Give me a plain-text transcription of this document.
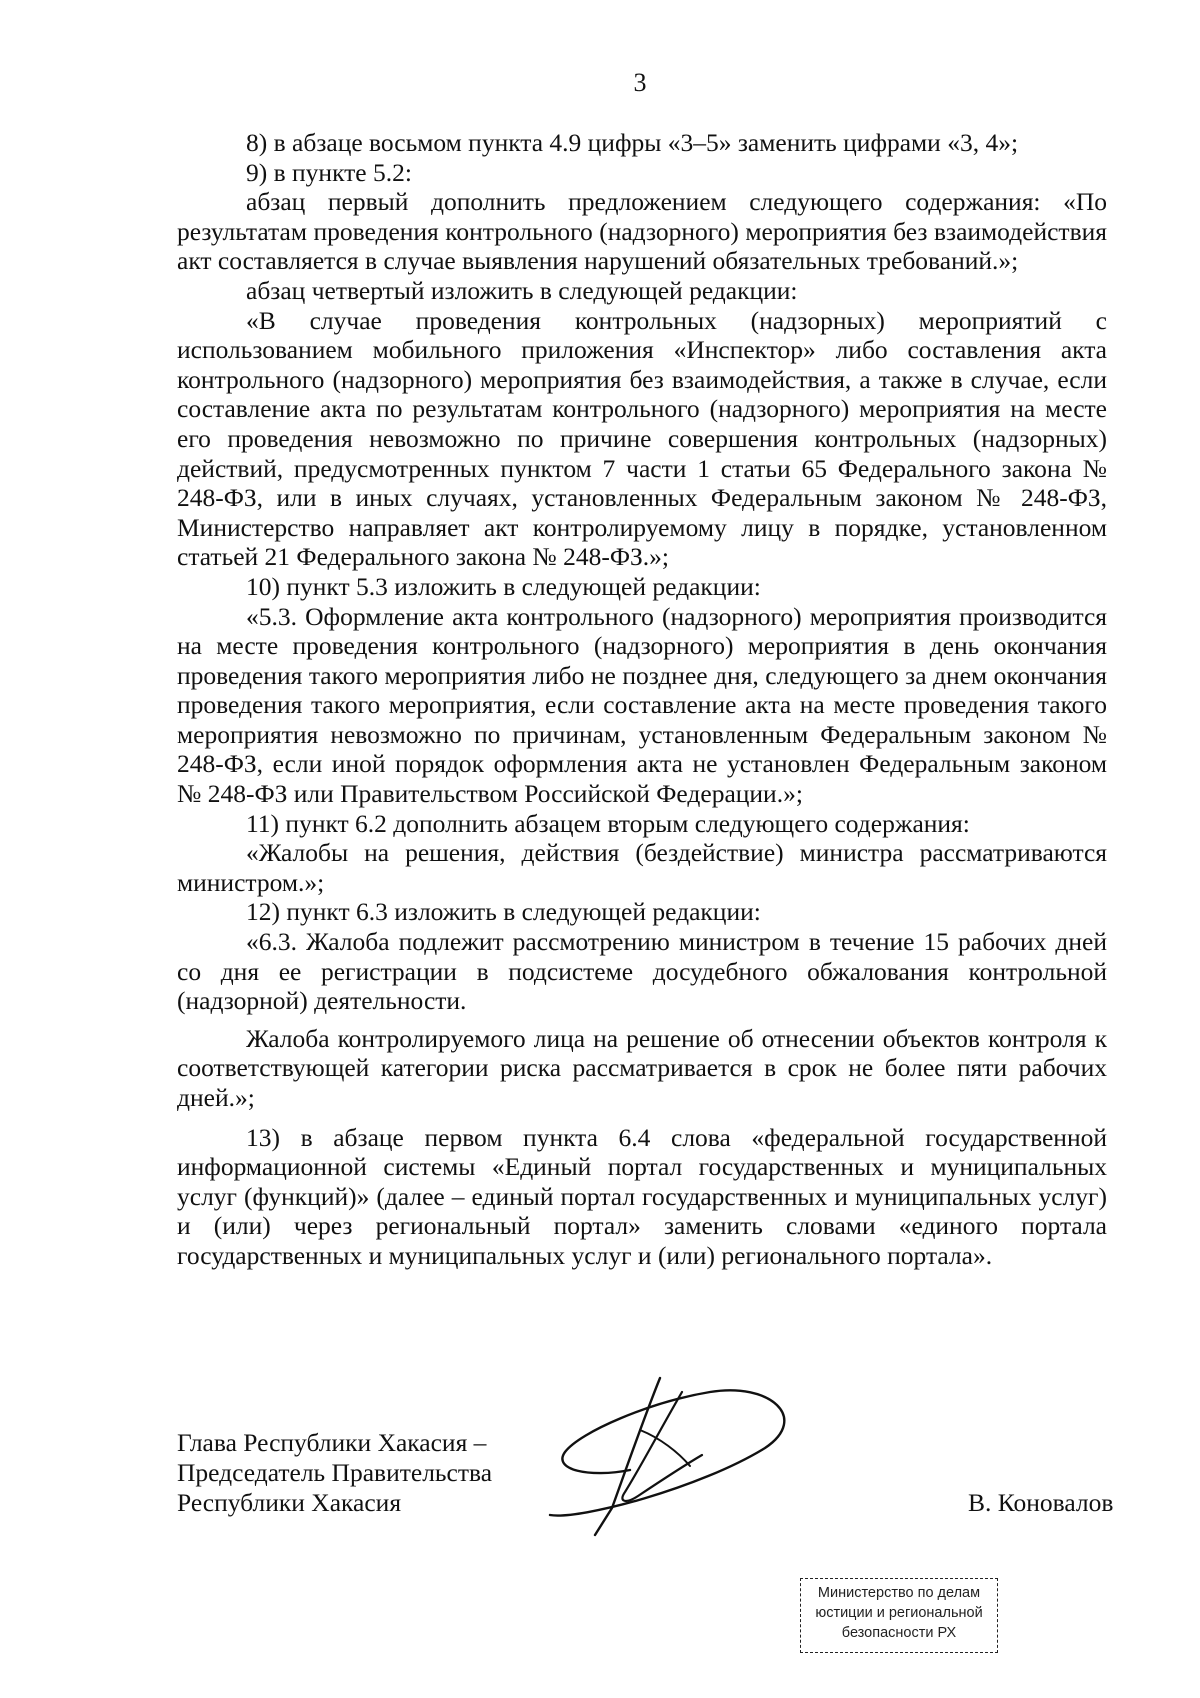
3

8) в абзаце восьмом пункта 4.9 цифры «3–5» заменить цифрами «3, 4»;

9) в пункте 5.2:

абзац первый дополнить предложением следующего содержания: «По результатам проведения контрольного (надзорного) мероприятия без взаимодействия акт составляется в случае выявления нарушений обязательных требований.»;

абзац четвертый изложить в следующей редакции:

«В случае проведения контрольных (надзорных) мероприятий с использованием мобильного приложения «Инспектор» либо составления акта контрольного (надзорного) мероприятия без взаимодействия, а также в случае, если составление акта по результатам контрольного (надзорного) мероприятия на месте его проведения невозможно по причине совершения контрольных (надзорных) действий, предусмотренных пунктом 7 части 1 статьи 65 Федерального закона № 248-ФЗ, или в иных случаях, установленных Федеральным законом № 248-ФЗ, Министерство направляет акт контролируемому лицу в порядке, установленном статьей 21 Федерального закона № 248-ФЗ.»;

10) пункт 5.3 изложить в следующей редакции:

«5.3. Оформление акта контрольного (надзорного) мероприятия производится на месте проведения контрольного (надзорного) мероприятия в день окончания проведения такого мероприятия либо не позднее дня, следующего за днем окончания проведения такого мероприятия, если составление акта на месте проведения такого мероприятия невозможно по причинам, установленным Федеральным законом № 248-ФЗ, если иной порядок оформления акта не установлен Федеральным законом № 248-ФЗ или Правительством Российской Федерации.»;

11) пункт 6.2 дополнить абзацем вторым следующего содержания:

«Жалобы на решения, действия (бездействие) министра рассматриваются министром.»;

12) пункт 6.3 изложить в следующей редакции:

«6.3. Жалоба подлежит рассмотрению министром в течение 15 рабочих дней со дня ее регистрации в подсистеме досудебного обжалования контрольной (надзорной) деятельности.

Жалоба контролируемого лица на решение об отнесении объектов контроля к соответствующей категории риска рассматривается в срок не более пяти рабочих дней.»;

13) в абзаце первом пункта 6.4 слова «федеральной государственной информационной системы «Единый портал государственных и муниципальных услуг (функций)» (далее – единый портал государственных и муниципальных услуг) и (или) через региональный портал» заменить словами «единого портала государственных и муниципальных услуг и (или) регионального портала».

Глава Республики Хакасия –
Председатель Правительства
Республики Хакасия	В. Коновалов
Министерство по делам
юстиции и региональной
безопасности РХ
